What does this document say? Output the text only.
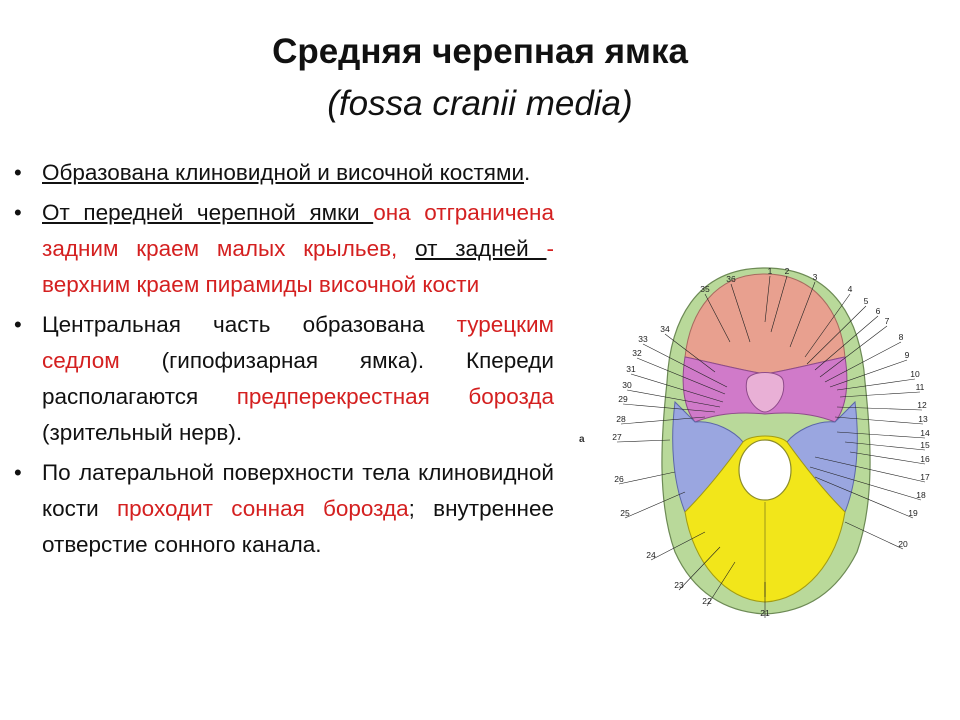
Средняя черепная ямка
(fossa cranii media)
• Образована клиновидной и височной костями.
• От передней черепной ямки она отграничена задним краем малых крыльев, от задней - верхним краем пирамиды височной кости
• Центральная часть образована турецким седлом (гипофизарная ямка). Кпереди располагаются предперекрестная борозда (зрительный нерв).
• По латеральной поверхности тела клиновидной кости проходит сонная борозда; внутреннее отверстие сонного канала.
1 2
3
4
5
6
7
8
9
10
11
12
13
14
15
16
17
18
19
20
21
22
23
24
25
26
27
28
29
30
31
32
33
34
35
36
a
